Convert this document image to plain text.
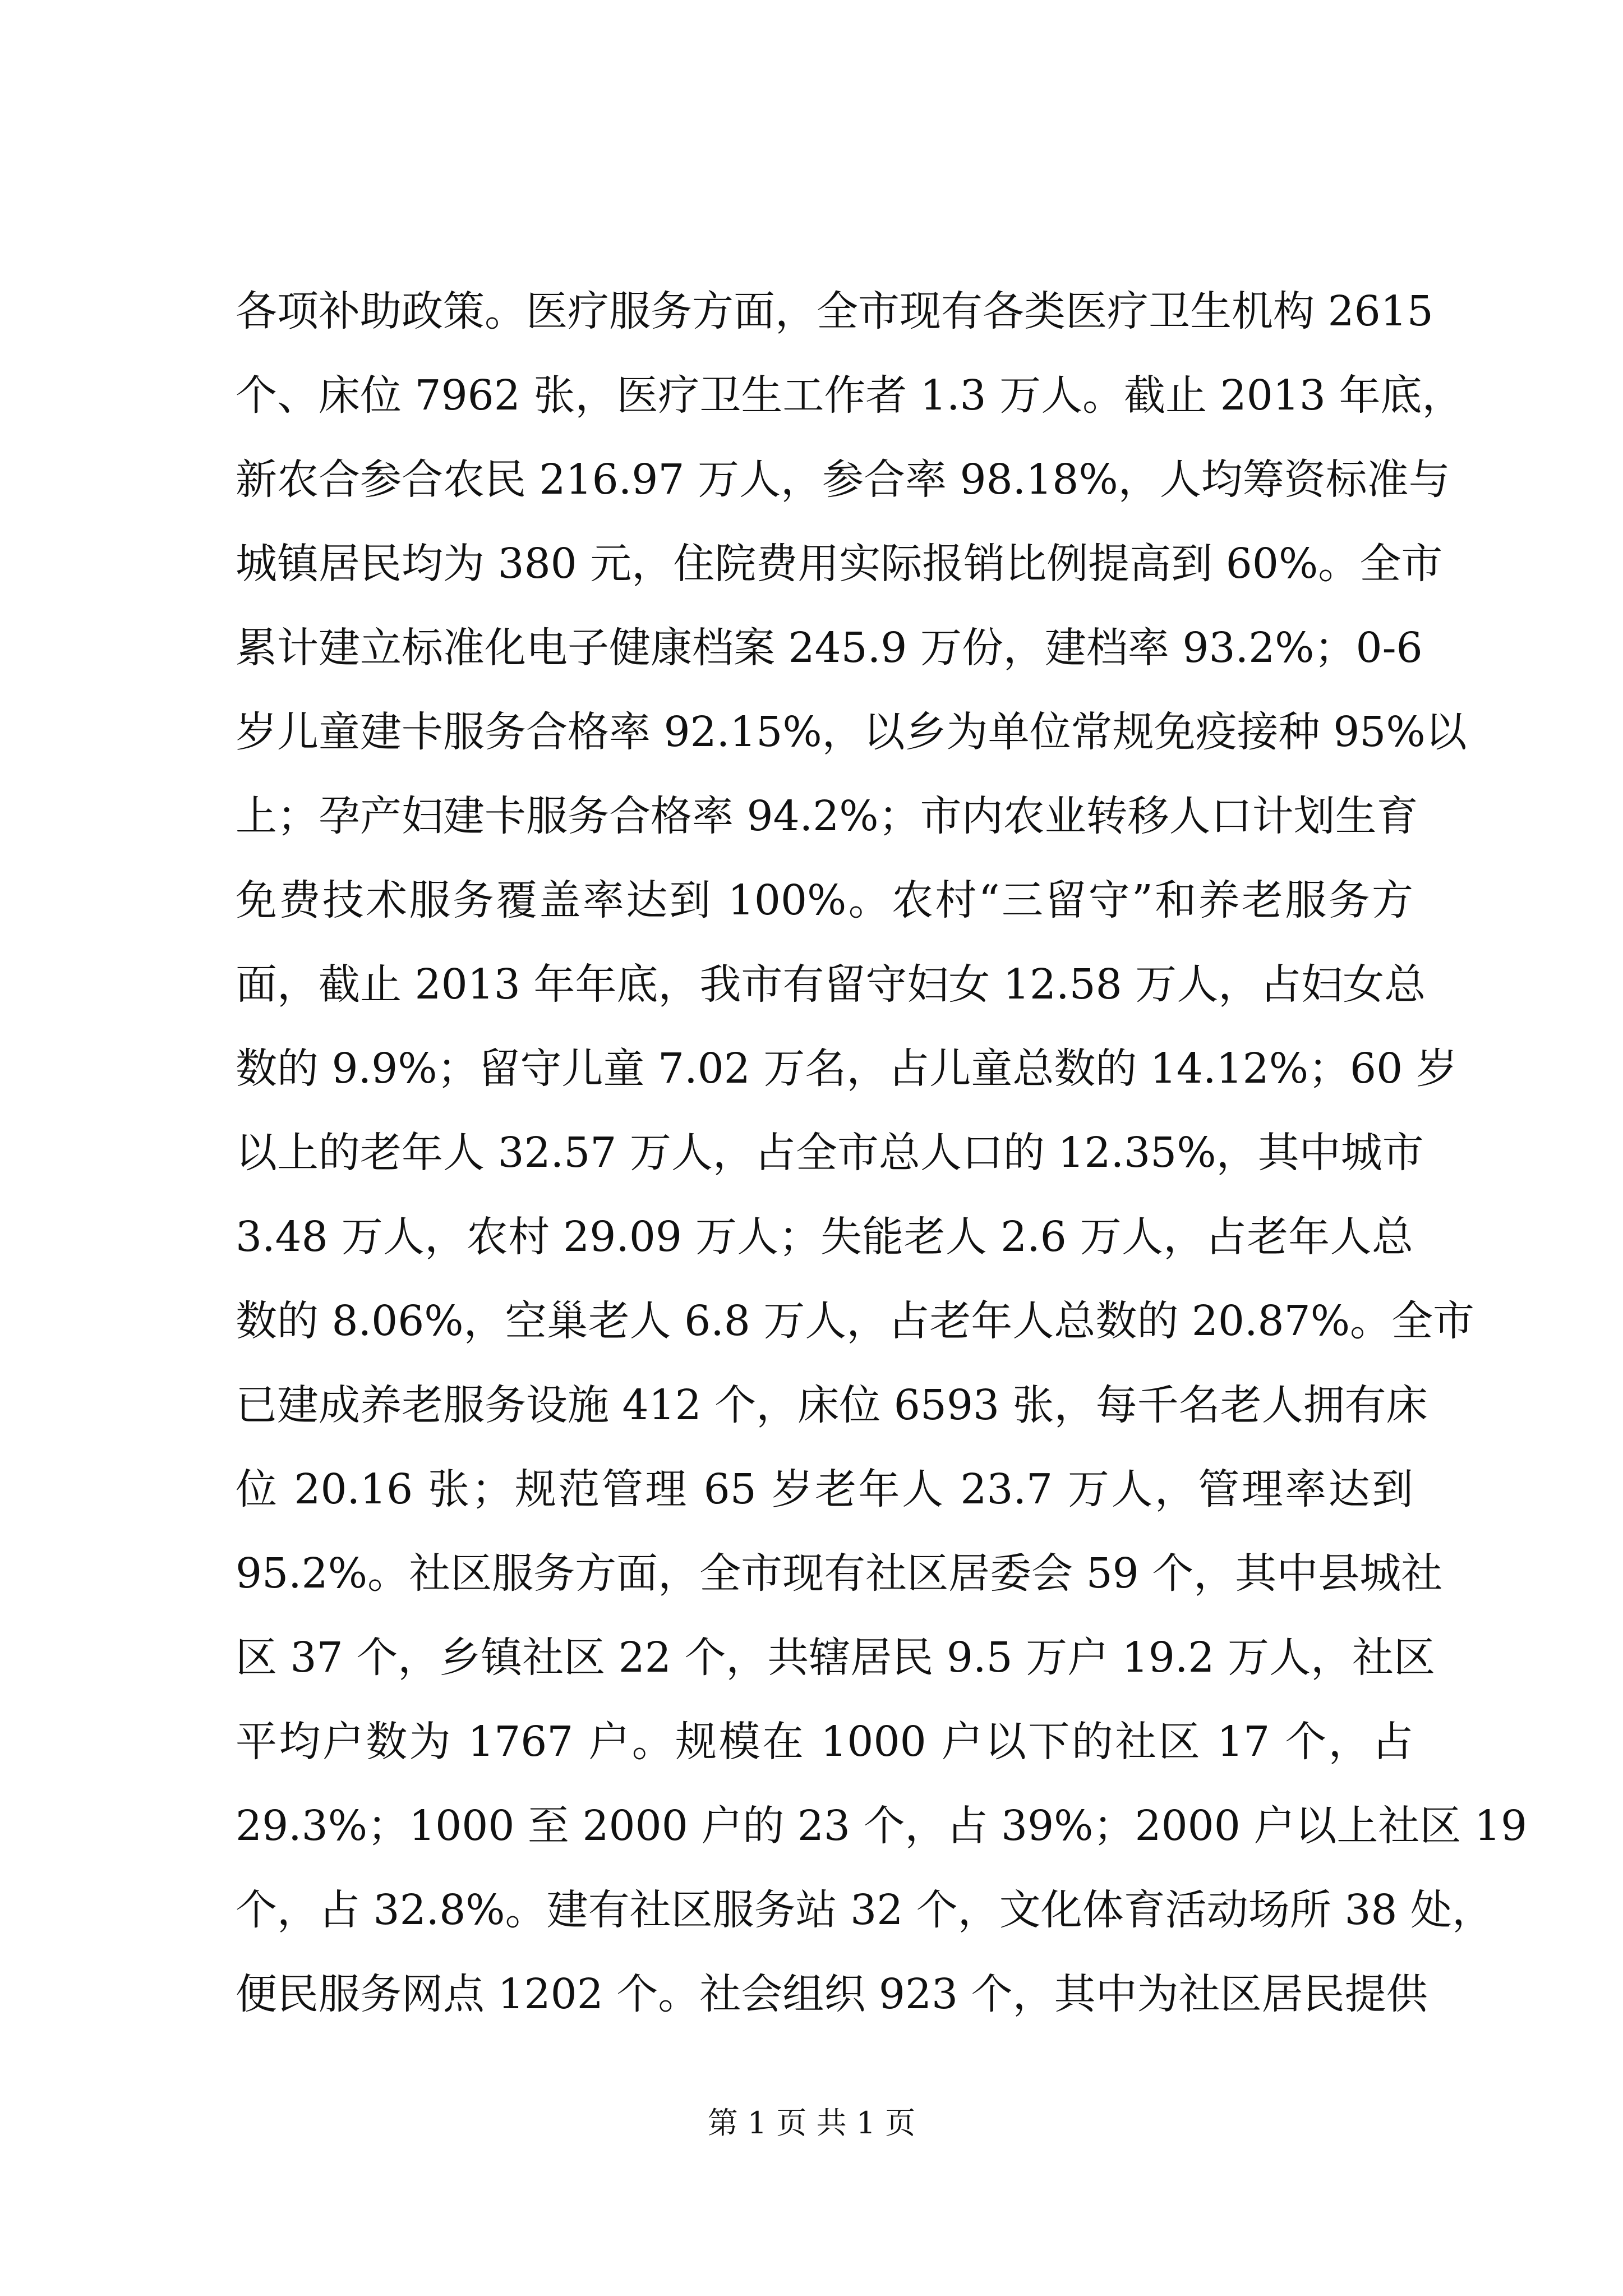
各项补助政策。医疗服务方面，全市现有各类医疗卫生机构 2615
个、床位 7962 张，医疗卫生工作者 1.3 万人。截止 2013 年底，
新农合参合农民 216.97 万人，参合率 98.18%，人均筹资标准与
城镇居民均为 380 元，住院费用实际报销比例提高到 60%。全市
累计建立标准化电子健康档案 245.9 万份，建档率 93.2%；0-6
岁儿童建卡服务合格率 92.15%，以乡为单位常规免疫接种 95%以
上；孕产妇建卡服务合格率 94.2%；市内农业转移人口计划生育
免费技术服务覆盖率达到 100%。农村“三留守”和养老服务方
面，截止 2013 年年底，我市有留守妇女 12.58 万人，占妇女总
数的 9.9%；留守儿童 7.02 万名，占儿童总数的 14.12%；60 岁
以上的老年人 32.57 万人，占全市总人口的 12.35%，其中城市
3.48 万人，农村 29.09 万人；失能老人 2.6 万人，占老年人总
数的 8.06%，空巢老人 6.8 万人，占老年人总数的 20.87%。全市
已建成养老服务设施 412 个，床位 6593 张，每千名老人拥有床
位 20.16 张；规范管理 65 岁老年人 23.7 万人，管理率达到
95.2%。社区服务方面，全市现有社区居委会 59 个，其中县城社
区 37 个，乡镇社区 22 个，共辖居民 9.5 万户 19.2 万人，社区
平均户数为 1767 户。规模在 1000 户以下的社区 17 个，占
29.3%；1000 至 2000 户的 23 个，占 39%；2000 户以上社区 19
个，占 32.8%。建有社区服务站 32 个，文化体育活动场所 38 处，
便民服务网点 1202 个。社会组织 923 个，其中为社区居民提供
第 1 页 共 1 页
